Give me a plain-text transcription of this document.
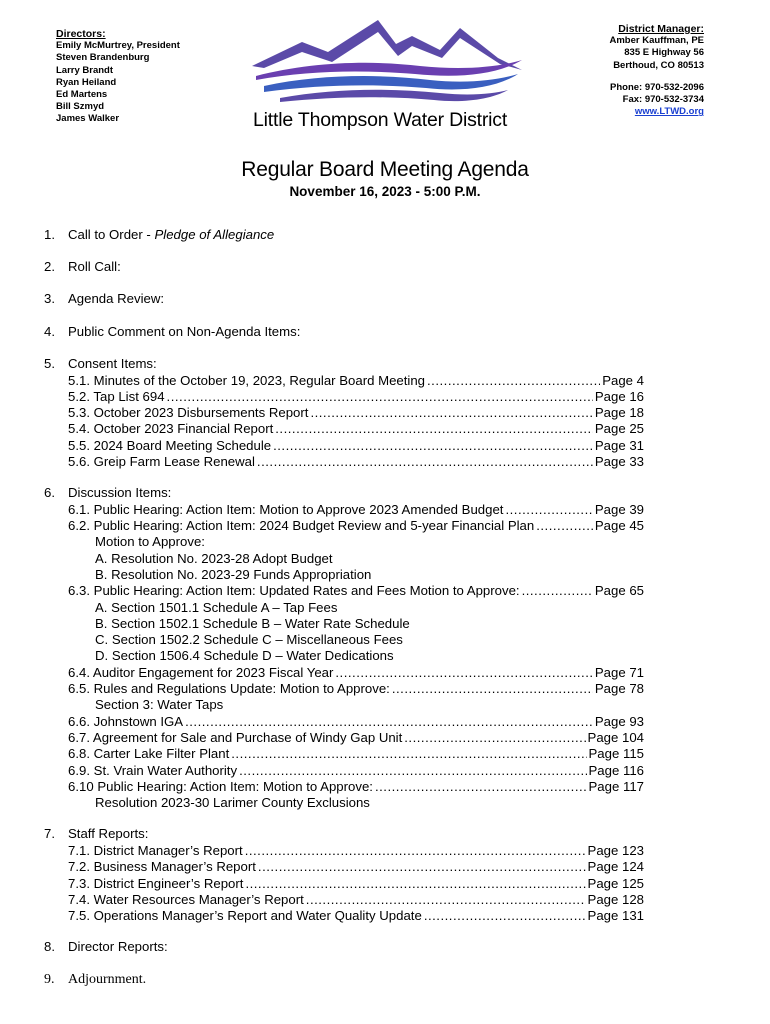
Directors:
Emily McMurtrey, President
Steven Brandenburg
Larry Brandt
Ryan Heiland
Ed Martens
Bill Szmyd
James Walker	Little Thompson Water District
District Manager:
Amber Kauffman, PE
835 E Highway 56
Berthoud, CO 80513
Phone: 970-532-2096
Fax: 970-532-3734
www.LTWD.org
Regular Board Meeting Agenda
November 16, 2023 - 5:00 P.M.
1. Call to Order - Pledge of Allegiance
2. Roll Call:
3. Agenda Review:
4. Public Comment on Non-Agenda Items:
5. Consent Items:
5.1. Minutes of the October 19, 2023, Regular Board Meeting .....	Page 4
5.2. Tap List 694 .....	Page 16
5.3. October 2023 Disbursements Report .....	Page 18
5.4. October 2023 Financial Report .....	Page 25
5.5. 2024 Board Meeting Schedule .....	Page 31
5.6. Greip Farm Lease Renewal .....	Page 33
6. Discussion Items:
6.1. Public Hearing: Action Item: Motion to Approve 2023 Amended Budget .....	Page 39
6.2. Public Hearing: Action Item: 2024 Budget Review and 5-year Financial Plan .....	Page 45
Motion to Approve:
A. Resolution No. 2023-28 Adopt Budget
B. Resolution No. 2023-29 Funds Appropriation
6.3. Public Hearing: Action Item: Updated Rates and Fees Motion to Approve: .....	Page 65
A. Section 1501.1 Schedule A – Tap Fees
B. Section 1502.1 Schedule B – Water Rate Schedule
C. Section 1502.2 Schedule C – Miscellaneous Fees
D. Section 1506.4 Schedule D – Water Dedications
6.4. Auditor Engagement for 2023 Fiscal Year .....	Page 71
6.5. Rules and Regulations Update: Motion to Approve: .....	Page 78
Section 3: Water Taps
6.6. Johnstown IGA .....	Page 93
6.7. Agreement for Sale and Purchase of Windy Gap Unit .....	Page 104
6.8. Carter Lake Filter Plant .....	Page 115
6.9. St. Vrain Water Authority .....	Page 116
6.10 Public Hearing: Action Item: Motion to Approve: .....	Page 117
Resolution 2023-30 Larimer County Exclusions
7. Staff Reports:
7.1. District Manager’s Report .....	Page 123
7.2. Business Manager’s Report .....	Page 124
7.3. District Engineer’s Report .....	Page 125
7.4. Water Resources Manager’s Report .....	Page 128
7.5. Operations Manager’s Report and Water Quality Update .....	Page 131
8. Director Reports:
9. Adjournment.
